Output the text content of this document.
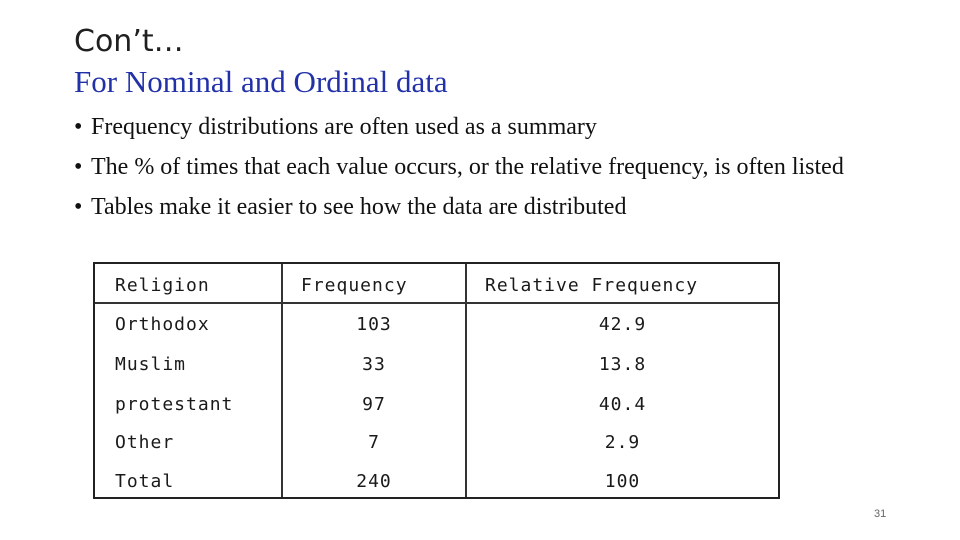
Con’t…
For Nominal and Ordinal data
• Frequency distributions are often used as a summary
• The % of times that each value occurs, or the relative frequency, is often listed
• Tables make it easier to see how the data are distributed
Religion	Frequency	Relative Frequency
Orthodox	103	42.9
Muslim	33	13.8
protestant	97	40.4
Other	7	2.9
Total	240	100
31
